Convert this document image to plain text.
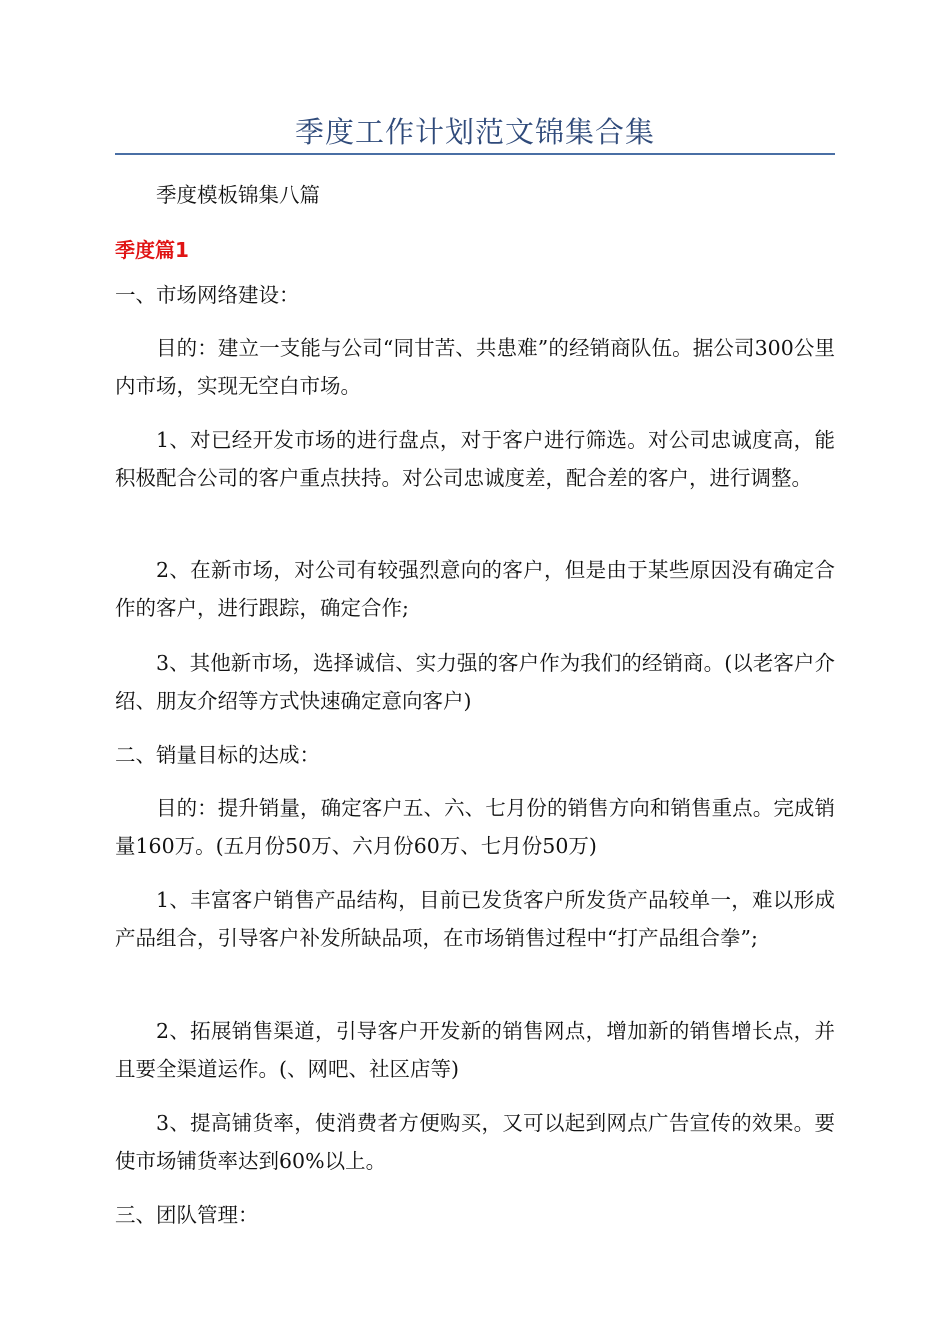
季度工作计划范文锦集合集

季度模板锦集八篇

季度篇1

一、市场网络建设：

目的：建立一支能与公司“同甘苦、共患难”的经销商队伍。据公司300公里内市场，实现无空白市场。

1、对已经开发市场的进行盘点，对于客户进行筛选。对公司忠诚度高，能积极配合公司的客户重点扶持。对公司忠诚度差，配合差的客户，进行调整。

2、在新市场，对公司有较强烈意向的客户，但是由于某些原因没有确定合作的客户，进行跟踪，确定合作;

3、其他新市场，选择诚信、实力强的客户作为我们的经销商。(以老客户介绍、朋友介绍等方式快速确定意向客户)

二、销量目标的达成：

目的：提升销量，确定客户五、六、七月份的销售方向和销售重点。完成销量160万。(五月份50万、六月份60万、七月份50万)

1、丰富客户销售产品结构，目前已发货客户所发货产品较单一，难以形成产品组合，引导客户补发所缺品项，在市场销售过程中“打产品组合拳”;

2、拓展销售渠道，引导客户开发新的销售网点，增加新的销售增长点，并且要全渠道运作。(、网吧、社区店等)

3、提高铺货率，使消费者方便购买，又可以起到网点广告宣传的效果。要使市场铺货率达到60%以上。

三、团队管理：
